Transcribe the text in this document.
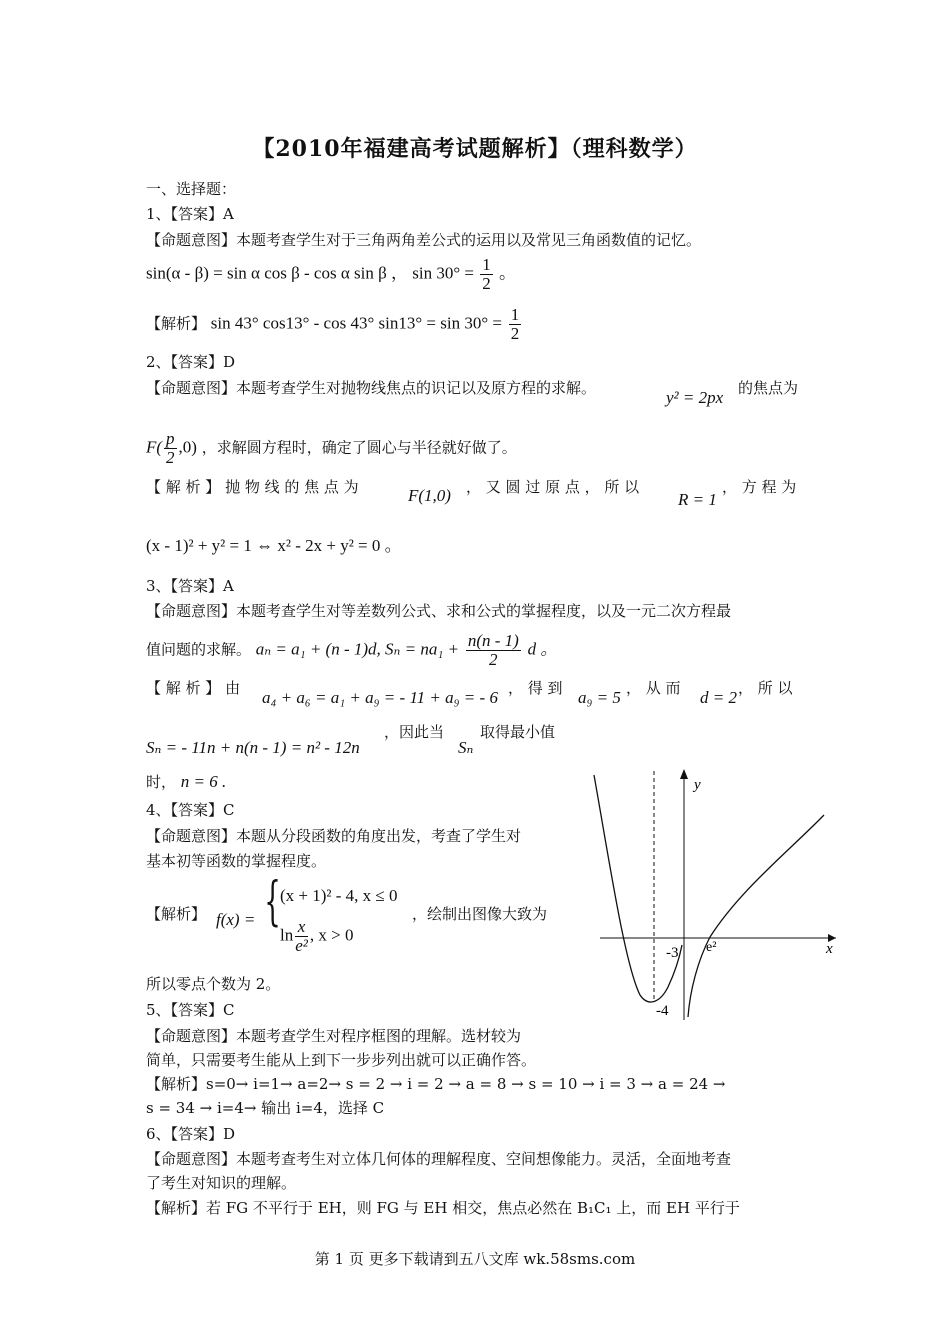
【2010年福建高考试题解析】（理科数学）
一、选择题：
1、【答案】A
【命题意图】本题考查学生对于三角两角差公式的运用以及常见三角函数值的记忆。
sin(α - β) = sin α cos β - cos α sin β ， $\sin 30^\circ = \frac{1}{2}$ 。
【解析】 sin 43° cos13° - cos 43° $\sin 13^\circ = \sin 30^\circ = \frac{1}{2}$
2、【答案】D
【命题意图】本题考查学生对抛物线焦点的识记以及原方程的求解。	y² = 2px 的焦点为
$F( \frac{p}{2} ,0)$ ，求解圆方程时，确定了圆心与半径就好做了。
【 解 析 】 抛 物 线 的 焦 点 为	F(1,0) ， 又 圆 过 原 点 ， 所 以
R = 1
， 方 程 为
(x - 1)² + y² = 1 ⇔ x² - 2x + y² = 0 。
3、【答案】A
【命题意图】本题考查学生对等差数列公式、求和公式的掌握程度，以及一元二次方程最
值问题的求解。 aₙ = a₁ + (n - 1)d, $S_n = na_1 + \frac{n(n - 1)}{2}$ d 。
【 解 析 】 由 a₄ + a₆ = a₁ + a₉ = - 11 + a₉ = - 6 ， 得 到 a₉ = 5 ， 从 而 d = 2 ， 所 以
Sₙ = - 11n + n(n - 1) = n² - 12n
，因此当
Sₙ
取得最小值
时， n = 6 .
4、【答案】C
【命题意图】本题从分段函数的角度出发，考查了学生对
基本初等函数的掌握程度。
【解析】 f(x) = { (x + 1)² - 4, x ≤ 0
$\ln \frac{x}{\text{e²}}$ , x > 0
，绘制出图像大致为
所以零点个数为 2。
y
x
-3 e²
-4
5、【答案】C
【命题意图】本题考查学生对程序框图的理解。选材较为
简单，只需要考生能从上到下一步步列出就可以正确作答。
【解析】s=0→ i=1→ a=2→ s = 2 → i = 2 → a = 8 → s = 10 → i = 3 → a = 24 →
s = 34 → i=4→ 输出 i=4，选择 C
6、【答案】D
【命题意图】本题考查考生对立体几何体的理解程度、空间想像能力。灵活，全面地考查
了考生对知识的理解。
【解析】若 FG 不平行于 EH，则 FG 与 EH 相交，焦点必然在 B₁C₁ 上，而 EH 平行于
第 1 页 更多下载请到五八文库 wk.58sms.com
